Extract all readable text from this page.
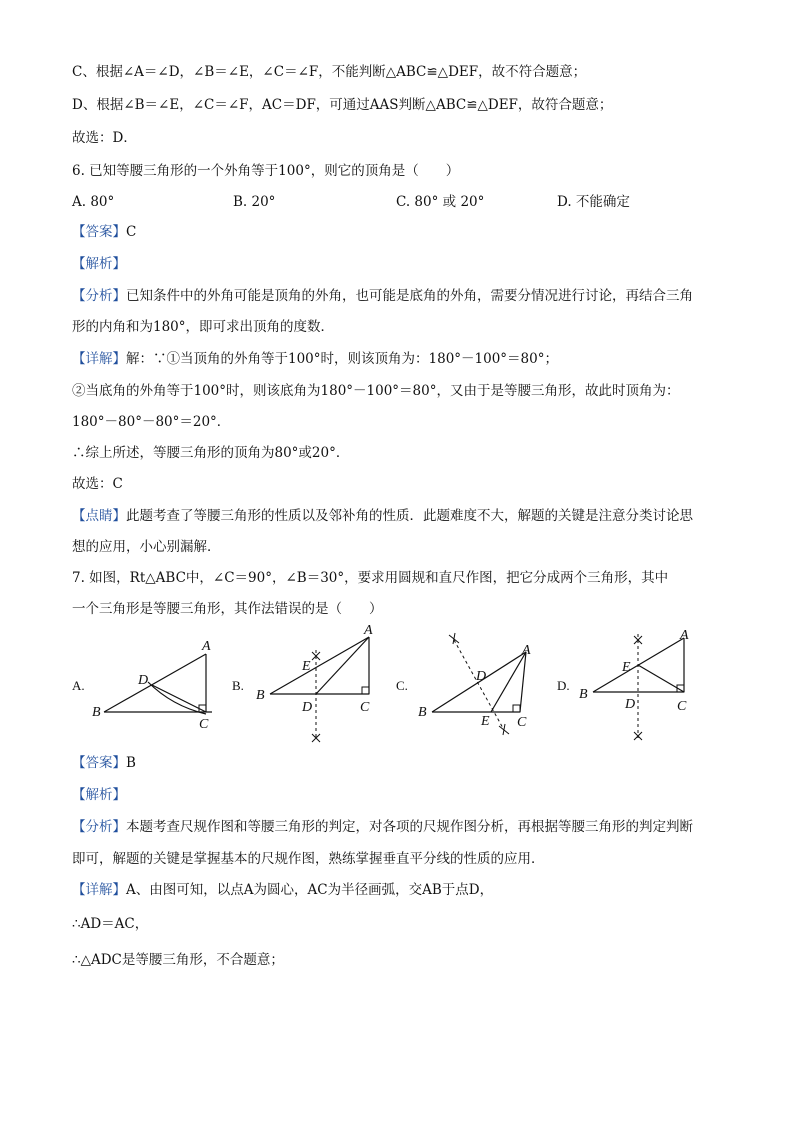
C、根据∠A＝∠D，∠B＝∠E，∠C＝∠F，不能判断△ABC≌△DEF，故不符合题意；
D、根据∠B＝∠E，∠C＝∠F，AC＝DF，可通过AAS判断△ABC≌△DEF，故符合题意；
故选：D．
6. 已知等腰三角形的一个外角等于100°，则它的顶角是（　　）
A. 80°	B. 20°	C. 80° 或 20°	D. 不能确定
【答案】C
【解析】
【分析】已知条件中的外角可能是顶角的外角，也可能是底角的外角，需要分情况进行讨论，再结合三角
形的内角和为180°，即可求出顶角的度数．
【详解】解：∵①当顶角的外角等于100°时，则该顶角为：180°－100°＝80°；
②当底角的外角等于100°时，则该底角为180°－100°＝80°，又由于是等腰三角形，故此时顶角为：
180°－80°－80°＝20°．
∴综上所述，等腰三角形的顶角为80°或20°．
故选：C
【点睛】此题考查了等腰三角形的性质以及邻补角的性质．此题难度不大，解题的关键是注意分类讨论思
想的应用，小心别漏解．
7. 如图，Rt△ABC中，∠C＝90°，∠B＝30°，要求用圆规和直尺作图，把它分成两个三角形，其中
一个三角形是等腰三角形，其作法错误的是（　　）
A.
A
B
C
D	B.
A
B
C
D
E
C.
A
B
C
D
E
D.
A
B
C
D
E
【答案】B
【解析】
【分析】本题考查尺规作图和等腰三角形的判定，对各项的尺规作图分析，再根据等腰三角形的判定判断
即可，解题的关键是掌握基本的尺规作图，熟练掌握垂直平分线的性质的应用．
【详解】A、由图可知，以点A为圆心，AC为半径画弧，交AB于点D，
∴AD＝AC，
∴△ADC是等腰三角形，不合题意；
